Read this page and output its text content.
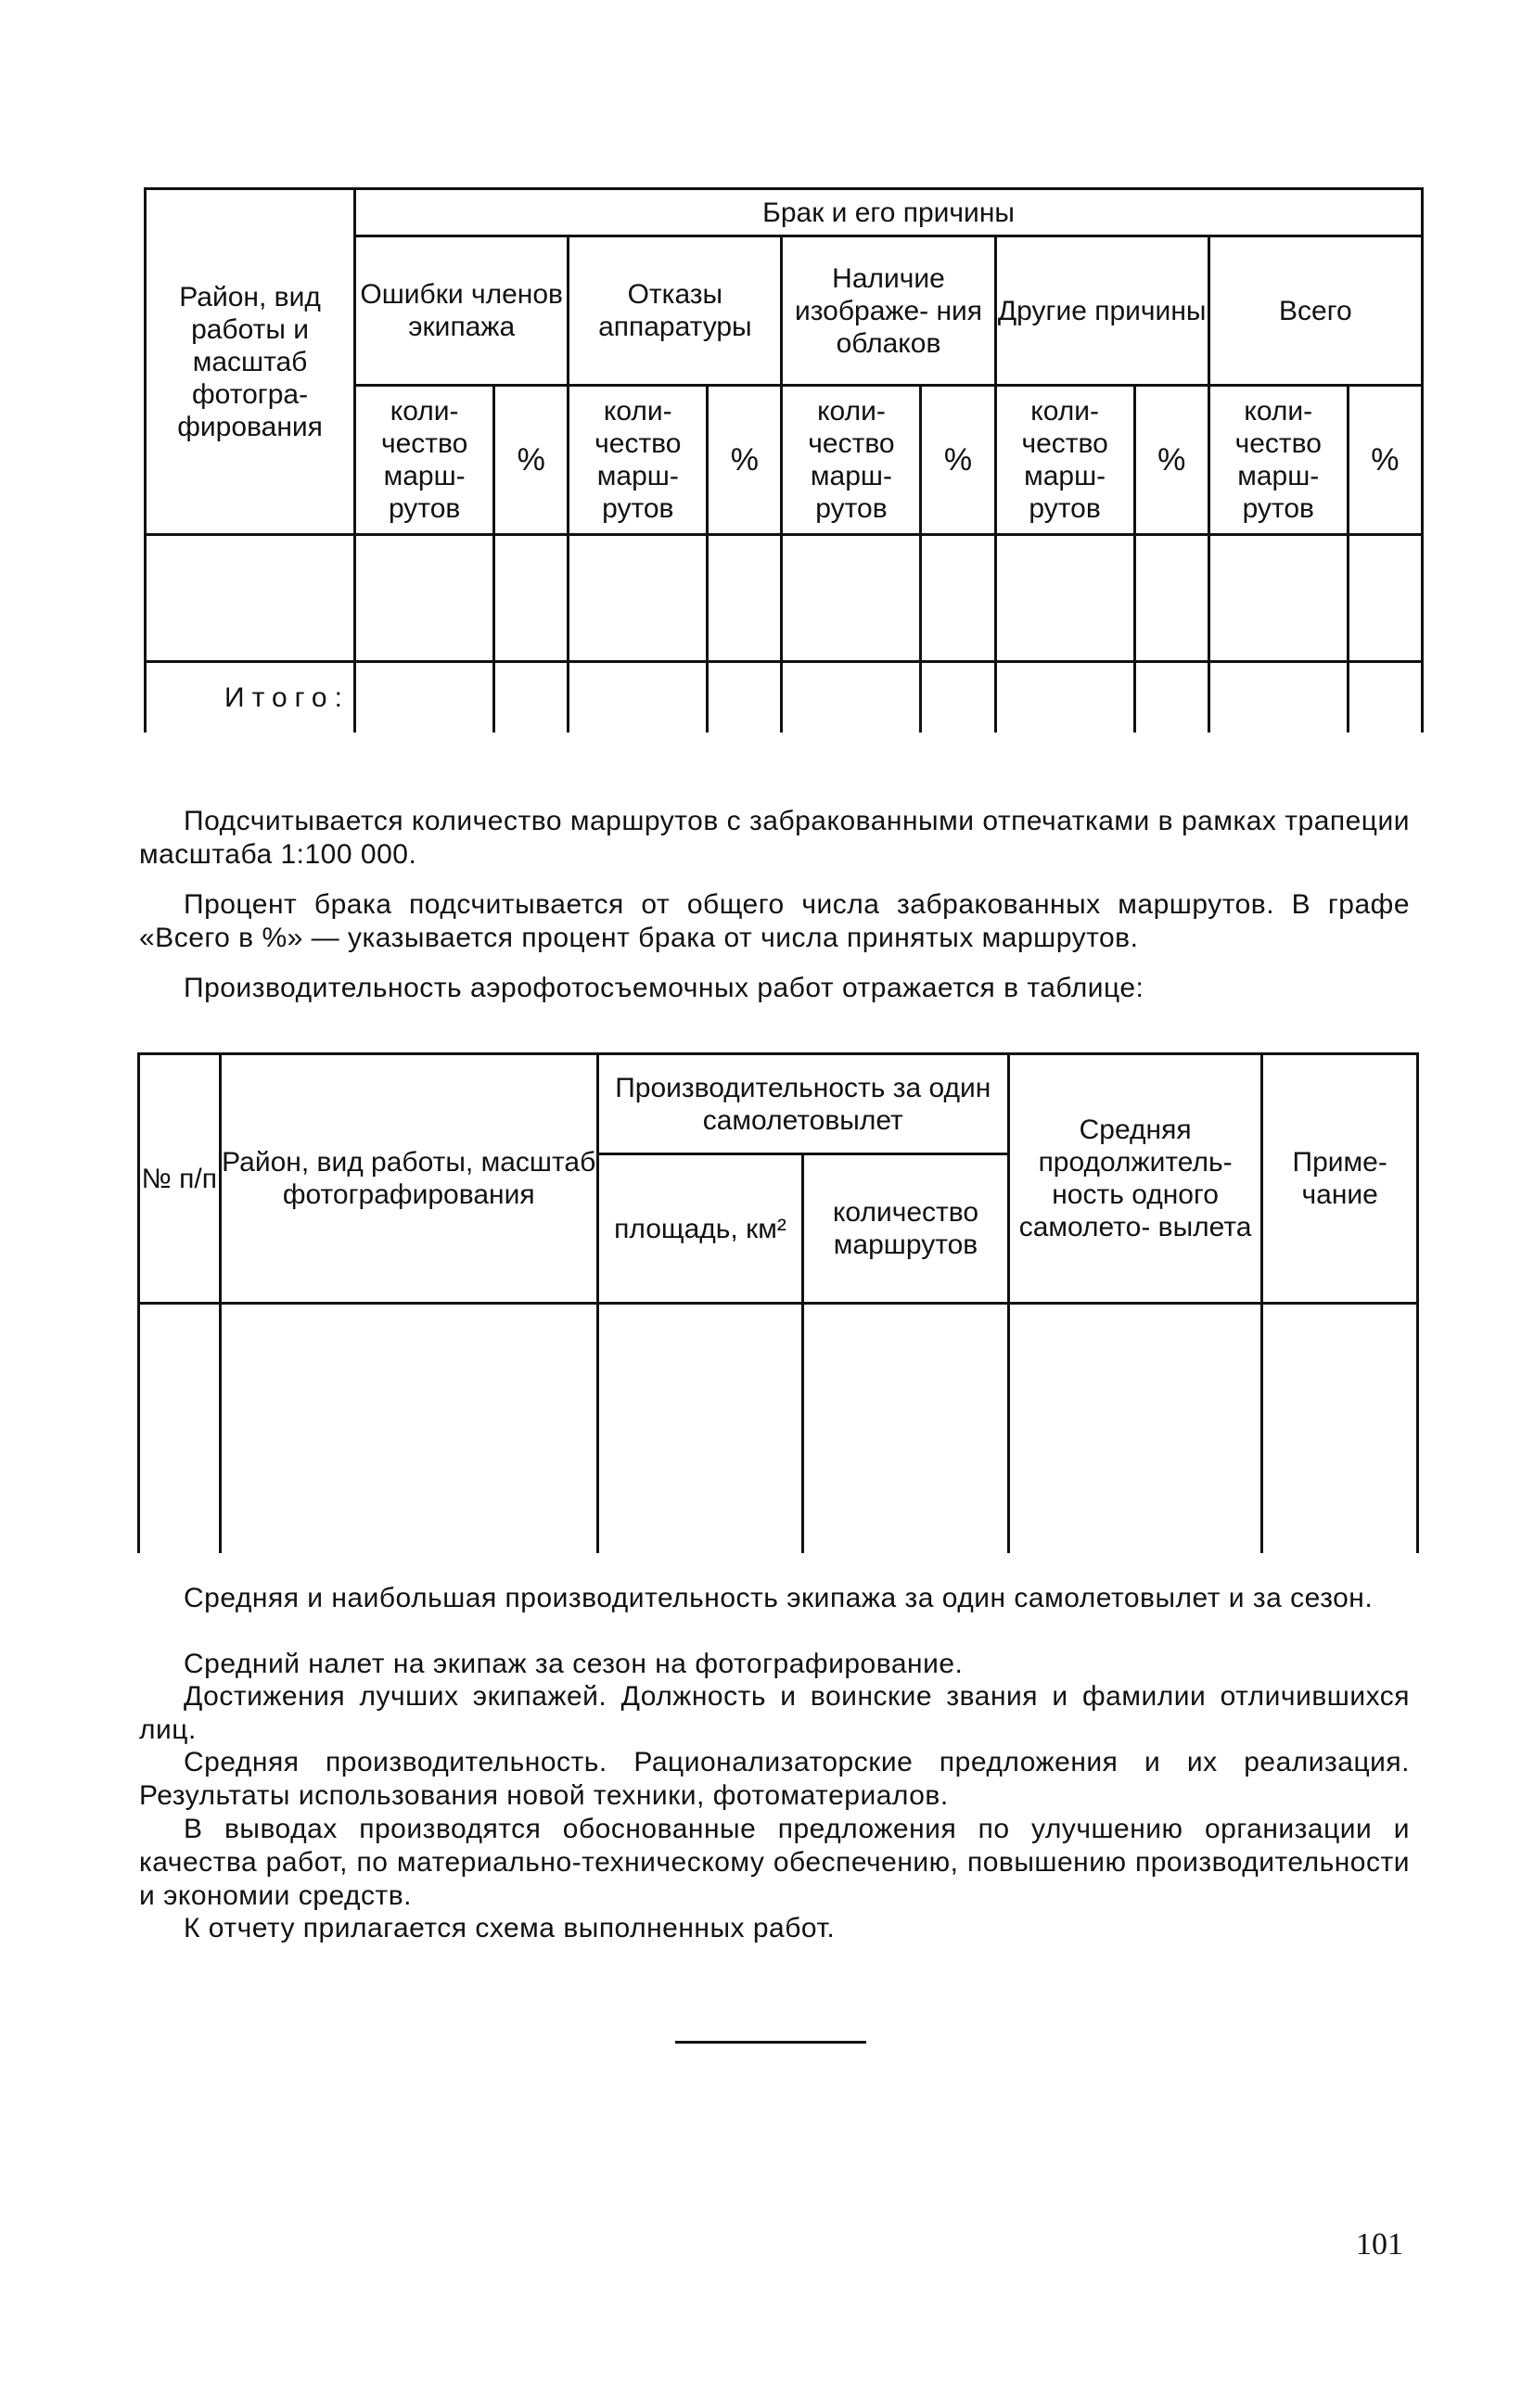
Район, вид работы и масштаб фотогра- фирования	Брак и его причины									
	Ошибки членов экипажа		Отказы аппаратуры		Наличие изображе- ния облаков		Другие причины		Всего	
	коли- чество марш- рутов	%	коли- чество марш- рутов	%	коли- чество марш- рутов	%	коли- чество марш- рутов	%	коли- чество марш- рутов	%

Итого:										

Подсчитывается количество маршрутов с забракованными отпечатками в рамках трапеции масштаба 1:100 000.

Процент брака подсчитывается от общего числа забракованных маршрутов. В графе «Всего в %» — указывается процент брака от числа принятых маршрутов.

Производительность аэрофотосъемочных работ отражается в таблице:

№ п/п	Район, вид работы, масштаб фотографирования	Производительность за один самолетовылет		Средняя продолжитель- ность одного самолето- вылета	Приме- чание
		площадь, км²	количество маршрутов		

Средняя и наибольшая производительность экипажа за один самолетовылет и за сезон.

Средний налет на экипаж за сезон на фотографирование.

Достижения лучших экипажей. Должность и воинские звания и фамилии отличившихся лиц.

Средняя производительность. Рационализаторские предложения и их реализация. Результаты использования новой техники, фотоматериалов.

В выводах производятся обоснованные предложения по улучшению организации и качества работ, по материально-техническому обеспечению, повышению производительности и экономии средств.

К отчету прилагается схема выполненных работ.

101
